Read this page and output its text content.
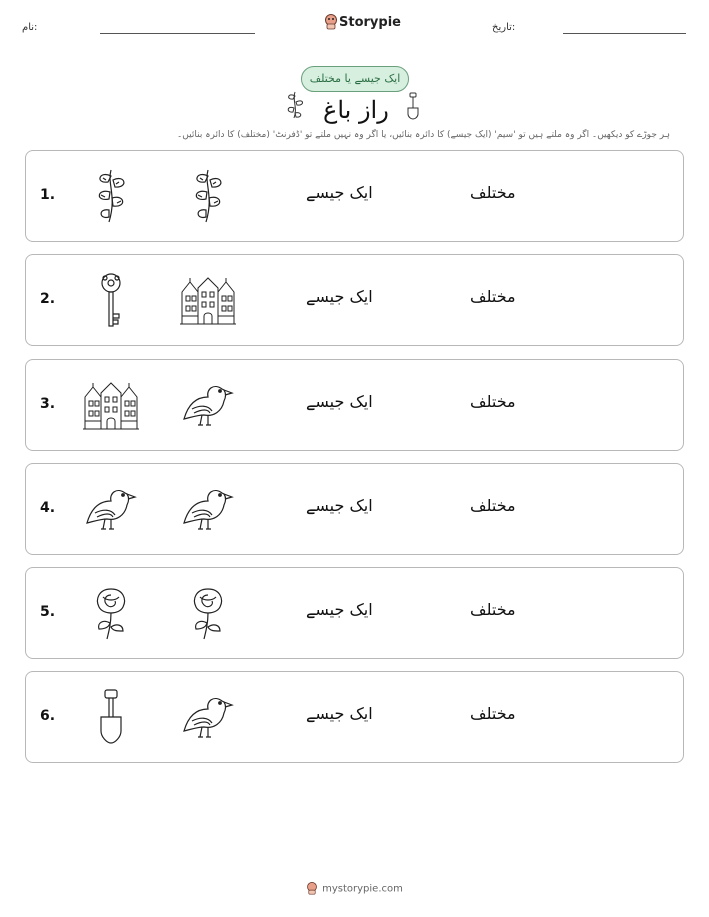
نام:	Storypie	تاریخ:
ایک جیسے یا مختلف
راز باغ
ہر جوڑے کو دیکھیں۔ اگر وہ ملتے ہیں تو 'سیم' (ایک جیسے) کا دائرہ بنائیں، یا اگر وہ نہیں ملتے تو 'ڈفرنٹ' (مختلف) کا دائرہ بنائیں۔
1.	ایک جیسے	مختلف
2.	ایک جیسے	مختلف
3.	ایک جیسے	مختلف
4.	ایک جیسے	مختلف
5.	ایک جیسے	مختلف
6.	ایک جیسے	مختلف
mystorypie.com
